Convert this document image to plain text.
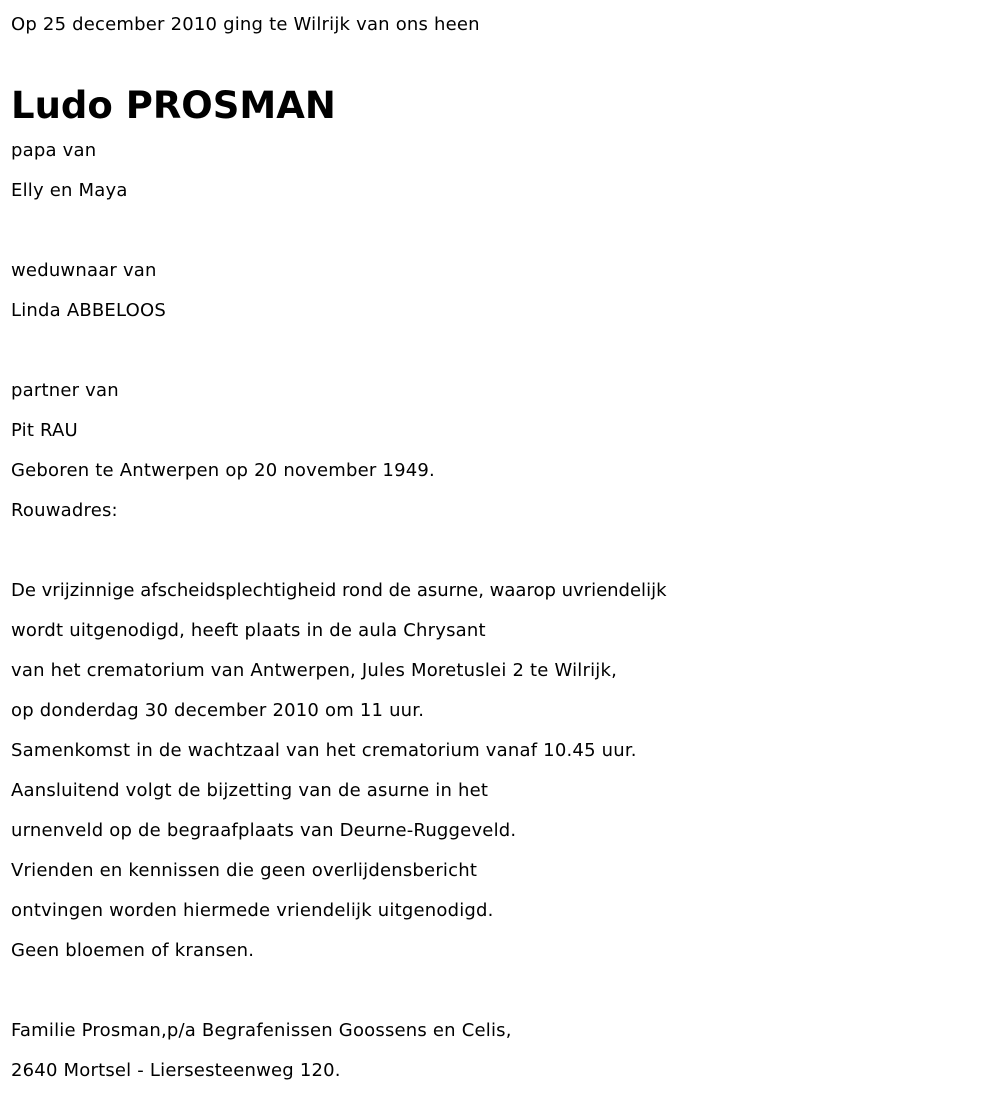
Op 25 december 2010 ging te Wilrijk van ons heen
Ludo PROSMAN
papa van
Elly en Maya
weduwnaar van
Linda ABBELOOS
partner van
Pit RAU
Geboren te Antwerpen op 20 november 1949.
Rouwadres:
De vrijzinnige afscheidsplechtigheid rond de asurne, waarop uvriendelijk
wordt uitgenodigd, heeft plaats in de aula Chrysant
van het crematorium van Antwerpen, Jules Moretuslei 2 te Wilrijk,
op donderdag 30 december 2010 om 11 uur.
Samenkomst in de wachtzaal van het crematorium vanaf 10.45 uur.
Aansluitend volgt de bijzetting van de asurne in het
urnenveld op de begraafplaats van Deurne-Ruggeveld.
Vrienden en kennissen die geen overlijdensbericht
ontvingen worden hiermede vriendelijk uitgenodigd.
Geen bloemen of kransen.
Familie Prosman,p/a Begrafenissen Goossens en Celis,
2640 Mortsel - Liersesteenweg 120.
